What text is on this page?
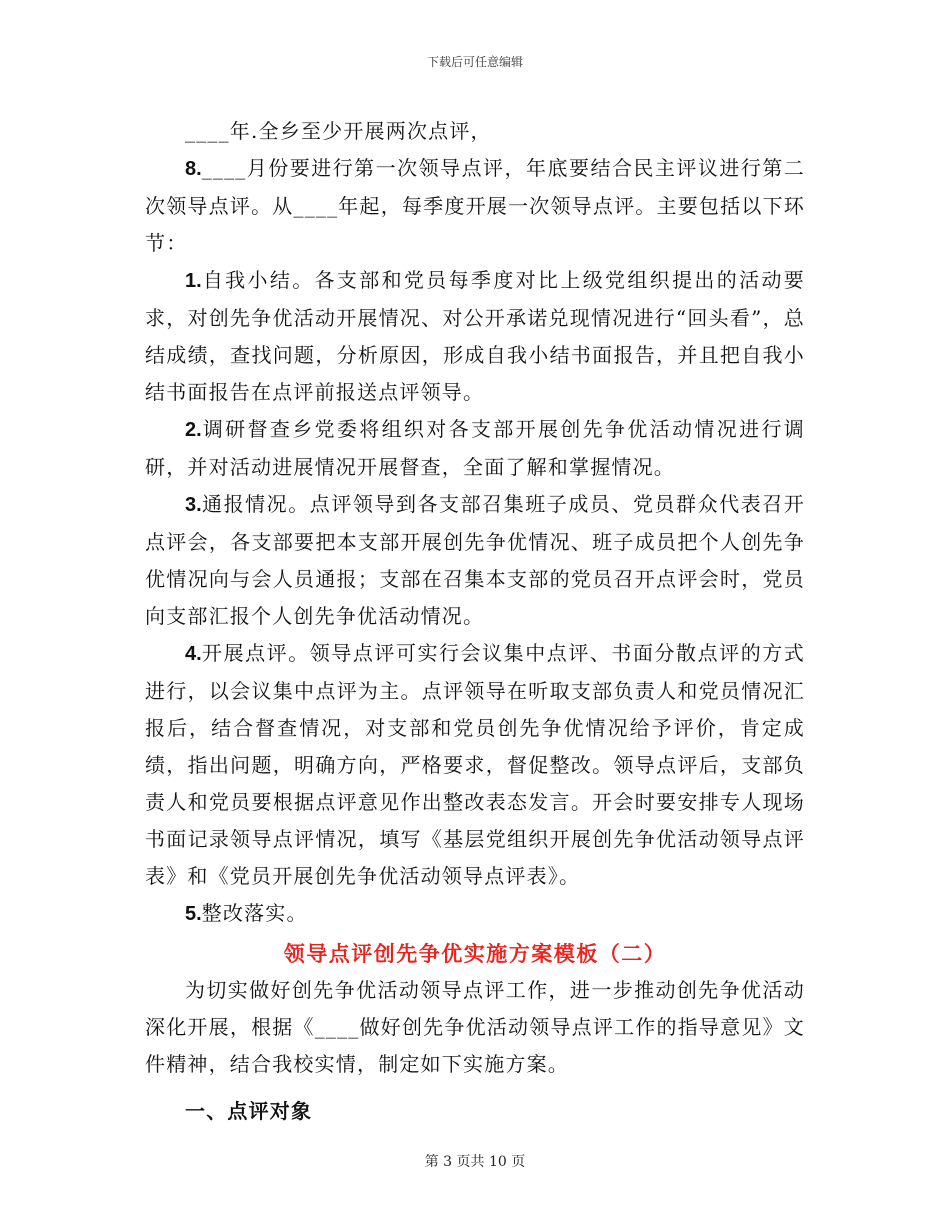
下载后可任意编辑

____年.全乡至少开展两次点评，

8.____月份要进行第一次领导点评，年底要结合民主评议进行第二次领导点评。从____年起，每季度开展一次领导点评。主要包括以下环节：

1.自我小结。各支部和党员每季度对比上级党组织提出的活动要求，对创先争优活动开展情况、对公开承诺兑现情况进行“回头看”，总结成绩，查找问题，分析原因，形成自我小结书面报告，并且把自我小结书面报告在点评前报送点评领导。

2.调研督查乡党委将组织对各支部开展创先争优活动情况进行调研，并对活动进展情况开展督查，全面了解和掌握情况。

3.通报情况。点评领导到各支部召集班子成员、党员群众代表召开点评会，各支部要把本支部开展创先争优情况、班子成员把个人创先争优情况向与会人员通报；支部在召集本支部的党员召开点评会时，党员向支部汇报个人创先争优活动情况。

4.开展点评。领导点评可实行会议集中点评、书面分散点评的方式进行，以会议集中点评为主。点评领导在听取支部负责人和党员情况汇报后，结合督查情况，对支部和党员创先争优情况给予评价，肯定成绩，指出问题，明确方向，严格要求，督促整改。领导点评后，支部负责人和党员要根据点评意见作出整改表态发言。开会时要安排专人现场书面记录领导点评情况，填写《基层党组织开展创先争优活动领导点评表》和《党员开展创先争优活动领导点评表》。

5.整改落实。

领导点评创先争优实施方案模板（二）

为切实做好创先争优活动领导点评工作，进一步推动创先争优活动深化开展，根据《____做好创先争优活动领导点评工作的指导意见》文件精神，结合我校实情，制定如下实施方案。

一、点评对象

第 3 页共 10 页
